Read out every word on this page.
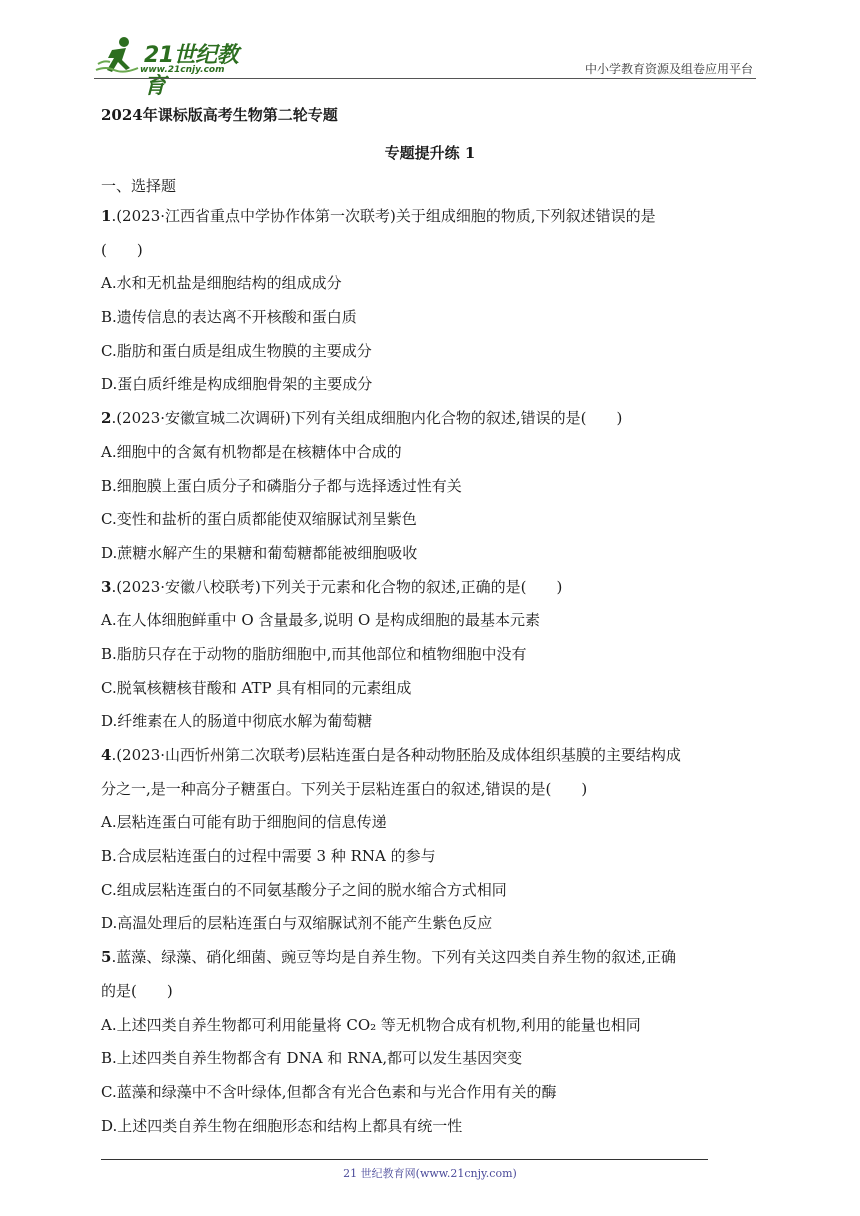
21世纪教育
www.21cnjy.com	中小学教育资源及组卷应用平台
2024年课标版高考生物第二轮专题
专题提升练 1
一、选择题
1.(2023·江西省重点中学协作体第一次联考)关于组成细胞的物质,下列叙述错误的是
(　　)
A.水和无机盐是细胞结构的组成成分
B.遗传信息的表达离不开核酸和蛋白质
C.脂肪和蛋白质是组成生物膜的主要成分
D.蛋白质纤维是构成细胞骨架的主要成分
2.(2023·安徽宣城二次调研)下列有关组成细胞内化合物的叙述,错误的是(　　)
A.细胞中的含氮有机物都是在核糖体中合成的
B.细胞膜上蛋白质分子和磷脂分子都与选择透过性有关
C.变性和盐析的蛋白质都能使双缩脲试剂呈紫色
D.蔗糖水解产生的果糖和葡萄糖都能被细胞吸收
3.(2023·安徽八校联考)下列关于元素和化合物的叙述,正确的是(　　)
A.在人体细胞鲜重中 O 含量最多,说明 O 是构成细胞的最基本元素
B.脂肪只存在于动物的脂肪细胞中,而其他部位和植物细胞中没有
C.脱氧核糖核苷酸和 ATP 具有相同的元素组成
D.纤维素在人的肠道中彻底水解为葡萄糖
4.(2023·山西忻州第二次联考)层粘连蛋白是各种动物胚胎及成体组织基膜的主要结构成
分之一,是一种高分子糖蛋白。下列关于层粘连蛋白的叙述,错误的是(　　)
A.层粘连蛋白可能有助于细胞间的信息传递
B.合成层粘连蛋白的过程中需要 3 种 RNA 的参与
C.组成层粘连蛋白的不同氨基酸分子之间的脱水缩合方式相同
D.高温处理后的层粘连蛋白与双缩脲试剂不能产生紫色反应
5.蓝藻、绿藻、硝化细菌、豌豆等均是自养生物。下列有关这四类自养生物的叙述,正确
的是(　　)
A.上述四类自养生物都可利用能量将 CO₂ 等无机物合成有机物,利用的能量也相同
B.上述四类自养生物都含有 DNA 和 RNA,都可以发生基因突变
C.蓝藻和绿藻中不含叶绿体,但都含有光合色素和与光合作用有关的酶
D.上述四类自养生物在细胞形态和结构上都具有统一性
21 世纪教育网(www.21cnjy.com)
